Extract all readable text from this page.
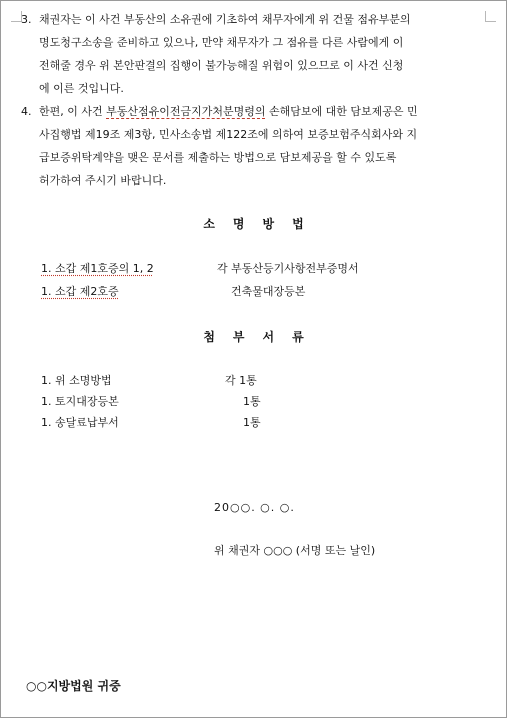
3. 채권자는 이 사건 부동산의 소유권에 기초하여 채무자에게 위 건물 점유부분의
명도청구소송을 준비하고 있으나, 만약 채무자가 그 점유를 다른 사람에게 이
전해줄 경우 위 본안판결의 집행이 불가능해질 위험이 있으므로 이 사건 신청
에 이른 것입니다.
4. 한편, 이 사건 부동산점유이전금지가처분명령의 손해담보에 대한 담보제공은 민
사집행법 제19조 제3항, 민사소송법 제122조에 의하여 보증보험주식회사와 지
급보증위탁계약을 맺은 문서를 제출하는 방법으로 담보제공을 할 수 있도록
허가하여 주시기 바랍니다.
소명방법
1. 소갑 제1호증의 1, 2	각 부동산등기사항전부증명서
1. 소갑 제2호증	건축물대장등본
첨부서류
1. 위 소명방법	각 1통
1. 토지대장등본	1통
1. 송달료납부서	1통
20○○. ○. ○.
위 채권자 ○○○ (서명 또는 날인)
○○지방법원 귀중
